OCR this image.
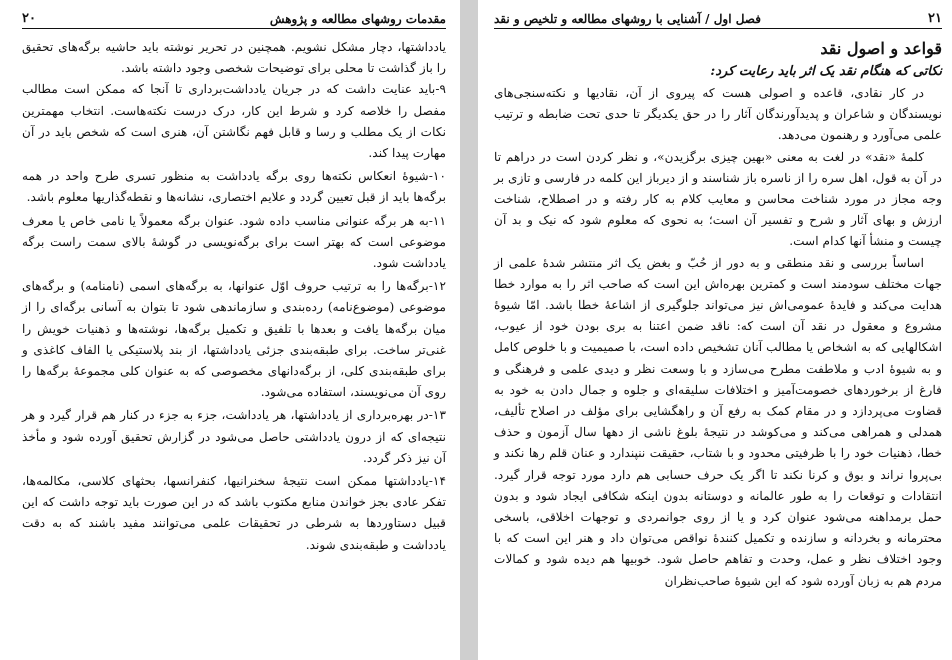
۲۰	مقدمات روشهای مطالعه و پژوهش

یادداشتها، دچار مشکل نشویم. همچنین در تحریر نوشته باید حاشیه برگه‌های تحقیق را باز گذاشت تا محلی برای توضیحات شخصی وجود داشته باشد.

۹-باید عنایت داشت که در جریان یادداشت‌برداری تا آنجا که ممکن است مطالب مفصل را خلاصه کرد و شرط این کار، درک درست نکته‌هاست. انتخاب مهمترین نکات از یک مطلب و رسا و قابل فهم نگاشتن آن، هنری است که شخص باید در آن مهارت پیدا کند.
۱۰-شیوهٔ انعکاس نکته‌ها روی برگه یادداشت به منظور تسری طرح واحد در همه برگه‌ها باید از قبل تعیین گردد و علایم اختصاری، نشانه‌ها و نقطه‌گذاریها معلوم باشد.
۱۱-به هر برگه عنوانی مناسب داده شود. عنوان برگه معمولاً یا نامی خاص یا معرف موضوعی است که بهتر است برای برگه‌نویسی در گوشهٔ بالای سمت راست برگه یادداشت شود.
۱۲-برگه‌ها را به ترتیب حروف اوّل عنوانها، به برگه‌های اسمی (نامنامه) و برگه‌های موضوعی (موضوع‌نامه) رده‌بندی و سازماندهی شود تا بتوان به آسانی برگه‌ای را از میان برگه‌ها یافت و بعدها با تلفیق و تکمیل برگه‌ها، نوشته‌ها و ذهنیات خویش را غنی‌تر ساخت. برای طبقه‌بندی جزئی یادداشتها، از بند پلاستیکی یا الفاف کاغذی و برای طبقه‌بندی کلی، از برگه‌دانهای مخصوصی که به عنوان کلی مجموعهٔ برگه‌ها را روی آن می‌نویسند، استفاده می‌شود.
۱۳-در بهره‌برداری از یادداشتها، هر یادداشت، جزء به جزء در کنار هم قرار گیرد و هر نتیجه‌ای که از درون یادداشتی حاصل می‌شود در گزارش تحقیق آورده شود و مأخذ آن نیز ذکر گردد.
۱۴-یادداشتها ممکن است نتیجهٔ سخنرانیها، کنفرانسها، بحثهای کلاسی، مکالمه‌ها، تفکر عادی بجز خواندن منابع مکتوب باشد که در این صورت باید توجه داشت که این قبیل دستاوردها به شرطی در تحقیقات علمی می‌توانند مفید باشند که به دقت یادداشت و طبقه‌بندی شوند.
فصل اول / آشنایی با روشهای مطالعه و تلخیص و نقد	۲۱
قواعد و اصول نقد
نکاتی که هنگام نقد یک اثر باید رعایت کرد:

در کار نقادی، قاعده و اصولی هست که پیروی از آن، نقادیها و نکته‌سنجی‌های نویسندگان و شاعران و پدیدآورندگان آثار را در حق یکدیگر تا حدی تحت ضابطه و ترتیب علمی می‌آورد و رهنمون می‌دهد.

کلمهٔ «نقد» در لغت به معنی «بهین چیزی برگزیدن»، و نظر کردن است در دراهم تا در آن به قول، اهل سره را از ناسره باز شناسند و از دیرباز این کلمه در فارسی و تازی بر وجه مجاز در مورد شناخت محاسن و معایب کلام به کار رفته و در اصطلاح، شناخت ارزش و بهای آثار و شرح و تفسیر آن است؛ به نحوی که معلوم شود که نیک و بد آن چیست و منشأ آنها کدام است.

اساساً بررسی و نقد منطقی و به دور از حُبّ و بغض یک اثر منتشر شدهٔ علمی از جهات مختلف سودمند است و کمترین بهره‌اش این است که صاحب اثر را به موارد خطا هدایت می‌کند و فایدهٔ عمومی‌اش نیز می‌تواند جلوگیری از اشاعهٔ خطا باشد. امّا شیوهٔ مشروع و معقول در نقد آن است که: ناقد ضمن اعتنا به بری بودن خود از عیوب، اشکالهایی که به اشخاص یا مطالب آنان تشخیص داده است، با صمیمیت و با خلوص کامل و به شیوهٔ ادب و ملاطفت مطرح می‌سازد و با وسعت نظر و دیدی علمی و فرهنگی و فارغ از برخوردهای خصومت‌آمیز و اختلافات سلیقه‌ای و جلوه و جمال دادن به خود به قضاوت می‌پردازد و در مقام کمک به رفع آن و راهگشایی برای مؤلف در اصلاح تألیف، همدلی و همراهی می‌کند و می‌کوشد در نتیجهٔ بلوغ ناشی از دهها سال آزمون و حذف خطا، ذهنیات خود را با ظرفیتی محدود و با شتاب، حقیقت ننپندارد و عنان قلم رها نکند و بی‌پروا نراند و بوق و کرنا نکند تا اگر یک حرف حسابی هم دارد مورد توجه قرار گیرد. انتقادات و توقعات را به طور عالمانه و دوستانه بدون اینکه شکافی ایجاد شود و بدون حمل برمداهنه می‌شود عنوان کرد و یا از روی جوانمردی و توجهات اخلاقی، باسخی محترمانه و بخردانه و سازنده و تکمیل کنندهٔ نواقص می‌توان داد و هنر این است که با وجود اختلاف نظر و عمل، وحدت و تفاهم حاصل شود. خوبیها هم دیده شود و کمالات مردم هم به زبان آورده شود که این شیوهٔ صاحب‌نظران
